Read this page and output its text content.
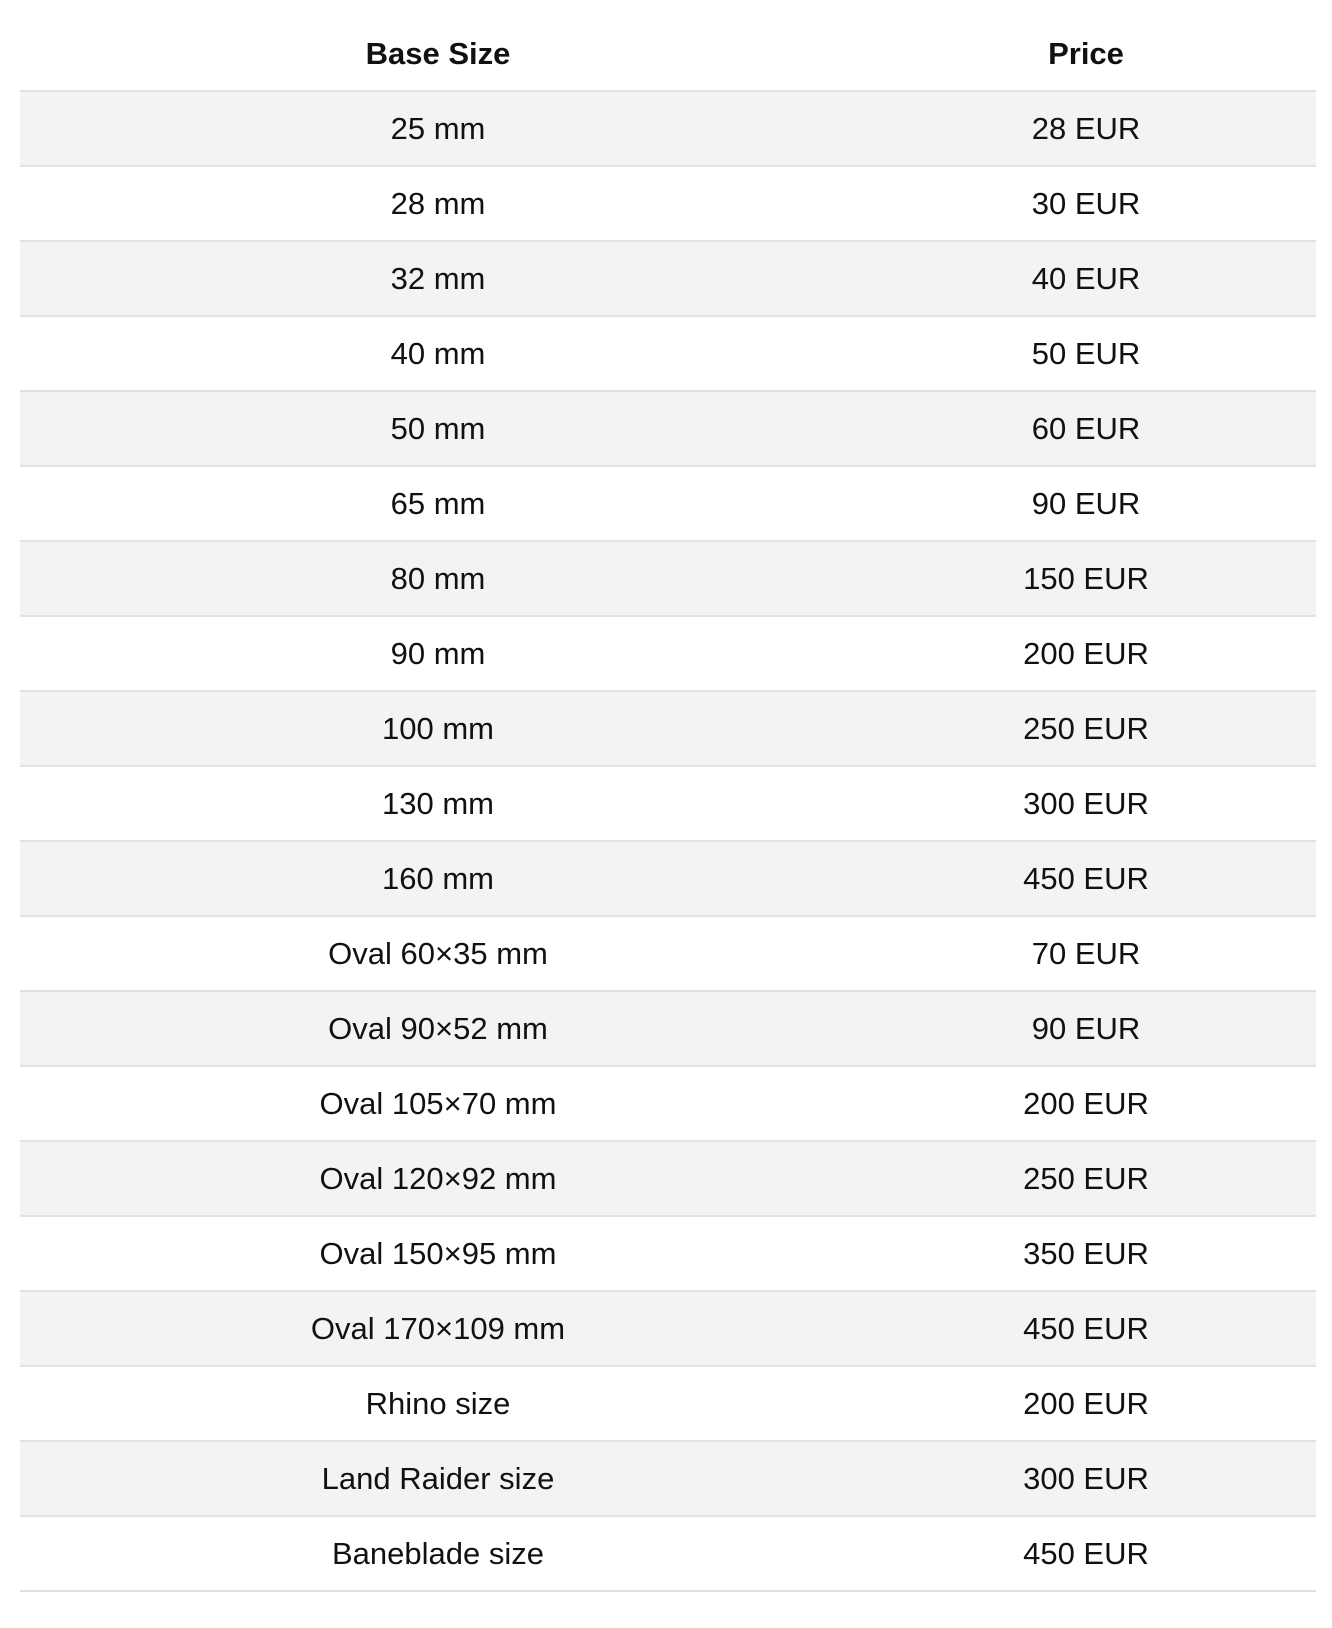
Base Size	Price
25 mm	28 EUR
28 mm	30 EUR
32 mm	40 EUR
40 mm	50 EUR
50 mm	60 EUR
65 mm	90 EUR
80 mm	150 EUR
90 mm	200 EUR
100 mm	250 EUR
130 mm	300 EUR
160 mm	450 EUR
Oval 60×35 mm	70 EUR
Oval 90×52 mm	90 EUR
Oval 105×70 mm	200 EUR
Oval 120×92 mm	250 EUR
Oval 150×95 mm	350 EUR
Oval 170×109 mm	450 EUR
Rhino size	200 EUR
Land Raider size	300 EUR
Baneblade size	450 EUR
